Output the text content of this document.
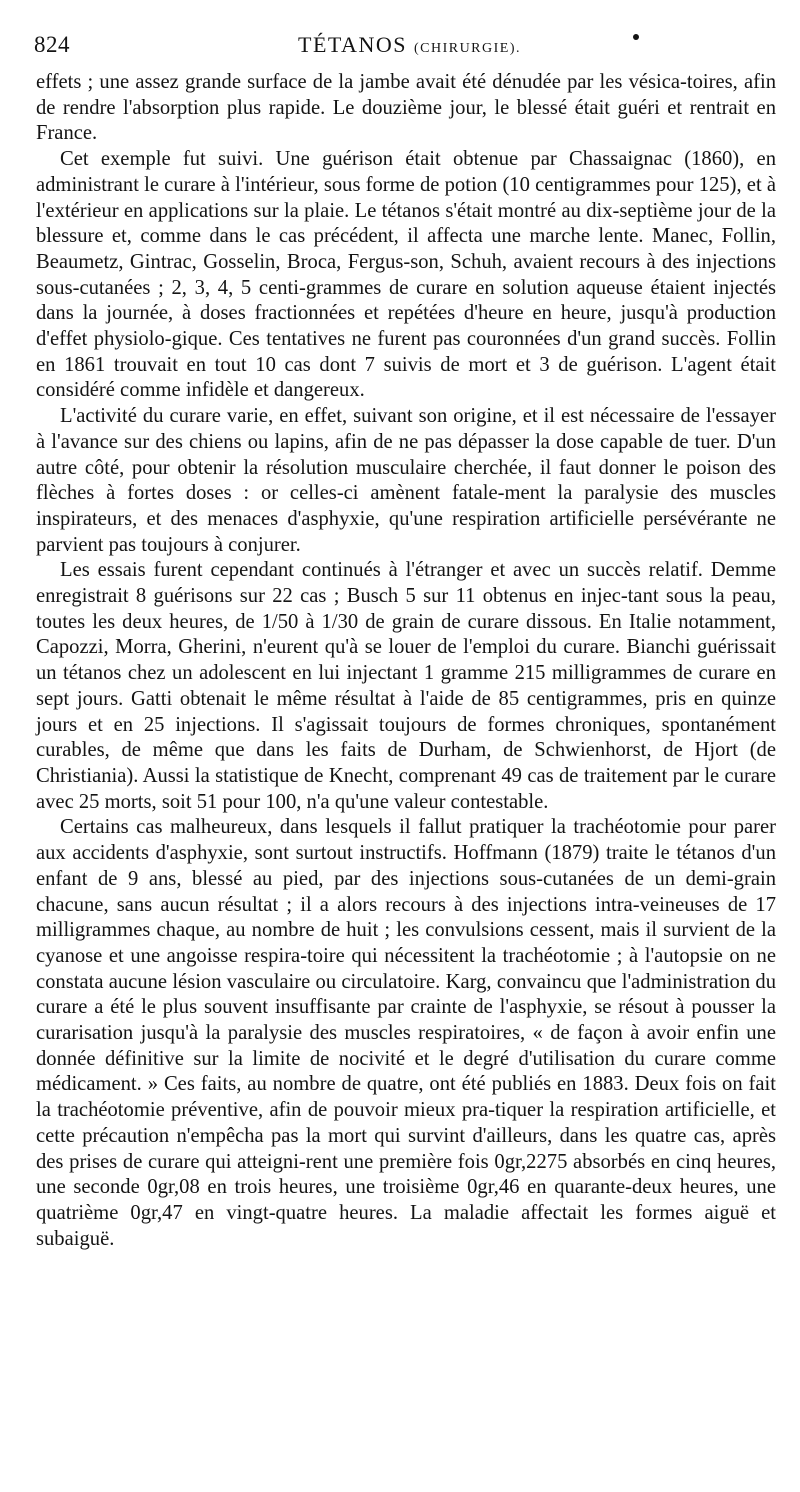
824	TÉTANOS (CHIRURGIE).

effets ; une assez grande surface de la jambe avait été dénudée par les vésica-toires, afin de rendre l'absorption plus rapide. Le douzième jour, le blessé était guéri et rentrait en France.

Cet exemple fut suivi. Une guérison était obtenue par Chassaignac (1860), en administrant le curare à l'intérieur, sous forme de potion (10 centigrammes pour 125), et à l'extérieur en applications sur la plaie. Le tétanos s'était montré au dix-septième jour de la blessure et, comme dans le cas précédent, il affecta une marche lente. Manec, Follin, Beaumetz, Gintrac, Gosselin, Broca, Fergus-son, Schuh, avaient recours à des injections sous-cutanées ; 2, 3, 4, 5 centi-grammes de curare en solution aqueuse étaient injectés dans la journée, à doses fractionnées et repétées d'heure en heure, jusqu'à production d'effet physiolo-gique. Ces tentatives ne furent pas couronnées d'un grand succès. Follin en 1861 trouvait en tout 10 cas dont 7 suivis de mort et 3 de guérison. L'agent était considéré comme infidèle et dangereux.

L'activité du curare varie, en effet, suivant son origine, et il est nécessaire de l'essayer à l'avance sur des chiens ou lapins, afin de ne pas dépasser la dose capable de tuer. D'un autre côté, pour obtenir la résolution musculaire cherchée, il faut donner le poison des flèches à fortes doses : or celles-ci amènent fatale-ment la paralysie des muscles inspirateurs, et des menaces d'asphyxie, qu'une respiration artificielle persévérante ne parvient pas toujours à conjurer.

Les essais furent cependant continués à l'étranger et avec un succès relatif. Demme enregistrait 8 guérisons sur 22 cas ; Busch 5 sur 11 obtenus en injec-tant sous la peau, toutes les deux heures, de 1/50 à 1/30 de grain de curare dissous. En Italie notamment, Capozzi, Morra, Gherini, n'eurent qu'à se louer de l'emploi du curare. Bianchi guérissait un tétanos chez un adolescent en lui injectant 1 gramme 215 milligrammes de curare en sept jours. Gatti obtenait le même résultat à l'aide de 85 centigrammes, pris en quinze jours et en 25 injections. Il s'agissait toujours de formes chroniques, spontanément curables, de même que dans les faits de Durham, de Schwienhorst, de Hjort (de Christiania). Aussi la statistique de Knecht, comprenant 49 cas de traitement par le curare avec 25 morts, soit 51 pour 100, n'a qu'une valeur contestable.

Certains cas malheureux, dans lesquels il fallut pratiquer la trachéotomie pour parer aux accidents d'asphyxie, sont surtout instructifs. Hoffmann (1879) traite le tétanos d'un enfant de 9 ans, blessé au pied, par des injections sous-cutanées de un demi-grain chacune, sans aucun résultat ; il a alors recours à des injections intra-veineuses de 17 milligrammes chaque, au nombre de huit ; les convulsions cessent, mais il survient de la cyanose et une angoisse respira-toire qui nécessitent la trachéotomie ; à l'autopsie on ne constata aucune lésion vasculaire ou circulatoire. Karg, convaincu que l'administration du curare a été le plus souvent insuffisante par crainte de l'asphyxie, se résout à pousser la curarisation jusqu'à la paralysie des muscles respiratoires, « de façon à avoir enfin une donnée définitive sur la limite de nocivité et le degré d'utilisation du curare comme médicament. » Ces faits, au nombre de quatre, ont été publiés en 1883. Deux fois on fait la trachéotomie préventive, afin de pouvoir mieux pra-tiquer la respiration artificielle, et cette précaution n'empêcha pas la mort qui survint d'ailleurs, dans les quatre cas, après des prises de curare qui atteigni-rent une première fois 0gr,2275 absorbés en cinq heures, une seconde 0gr,08 en trois heures, une troisième 0gr,46 en quarante-deux heures, une quatrième 0gr,47 en vingt-quatre heures. La maladie affectait les formes aiguë et subaiguë.
